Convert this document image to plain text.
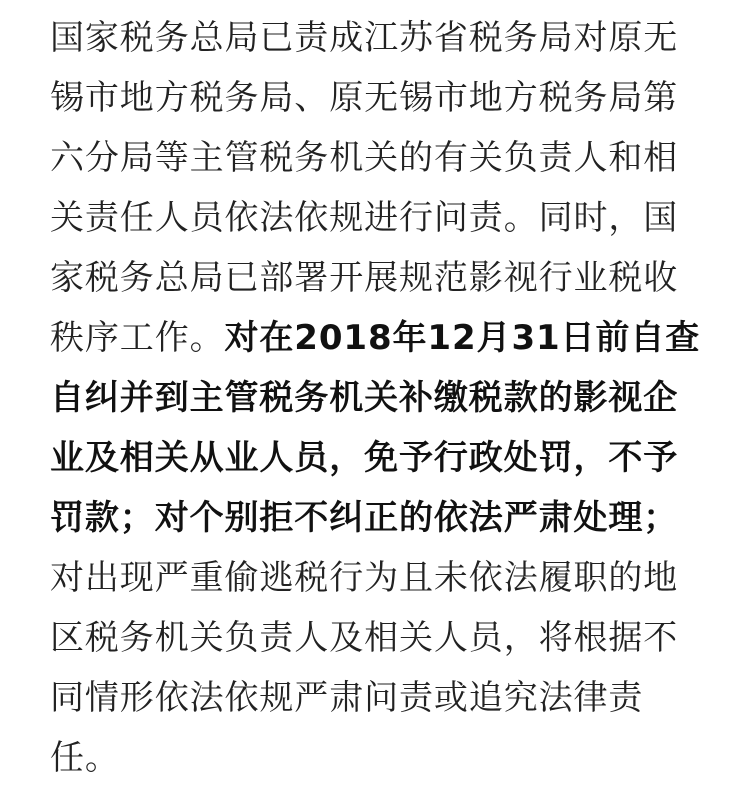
国家税务总局已责成江苏省税务局对原无
锡市地方税务局、原无锡市地方税务局第
六分局等主管税务机关的有关负责人和相
关责任人员依法依规进行问责。同时，国
家税务总局已部署开展规范影视行业税收
秩序工作。对在2018年12月31日前自查
自纠并到主管税务机关补缴税款的影视企
业及相关从业人员，免予行政处罚，不予
罚款；对个别拒不纠正的依法严肃处理；
对出现严重偷逃税行为且未依法履职的地
区税务机关负责人及相关人员，将根据不
同情形依法依规严肃问责或追究法律责
任。
